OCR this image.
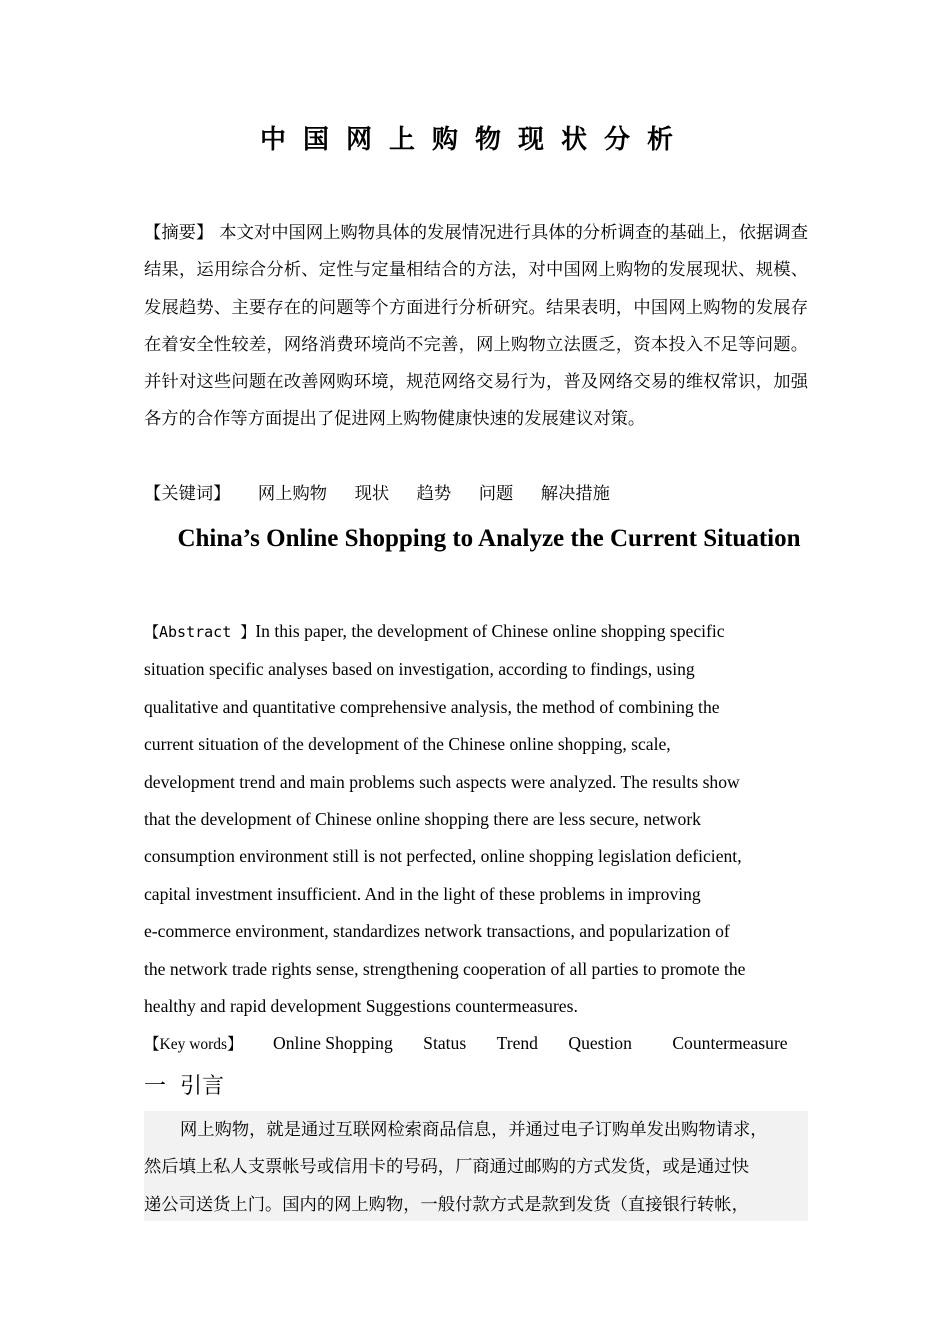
中国网上购物现状分析
【摘要】 本文对中国网上购物具体的发展情况进行具体的分析调查的基础上，依据调查结果，运用综合分析、定性与定量相结合的方法，对中国网上购物的发展现状、规模、发展趋势、主要存在的问题等个方面进行分析研究。结果表明，中国网上购物的发展存在着安全性较差，网络消费环境尚不完善，网上购物立法匮乏，资本投入不足等问题。并针对这些问题在改善网购环境，规范网络交易行为，普及网络交易的维权常识，加强各方的合作等方面提出了促进网上购物健康快速的发展建议对策。
【关键词】 网上购物 现状 趋势 问题 解决措施
China’s Online Shopping to Analyze the Current Situation
【Abstract 】In this paper, the development of Chinese online shopping specific
situation specific analyses based on investigation, according to findings, using
qualitative and quantitative comprehensive analysis, the method of combining the
current situation of the development of the Chinese online shopping, scale,
development trend and main problems such aspects were analyzed. The results show
that the development of Chinese online shopping there are less secure, network
consumption environment still is not perfected, online shopping legislation deficient,
capital investment insufficient. And in the light of these problems in improving
e-commerce environment, standardizes network transactions, and popularization of
the network trade rights sense, strengthening cooperation of all parties to promote the
healthy and rapid development Suggestions countermeasures.
【Key words】 Online Shopping Status Trend Question Countermeasure
一 引言
网上购物，就是通过互联网检索商品信息，并通过电子订购单发出购物请求，
然后填上私人支票帐号或信用卡的号码，厂商通过邮购的方式发货，或是通过快
递公司送货上门。国内的网上购物，一般付款方式是款到发货（直接银行转帐，
